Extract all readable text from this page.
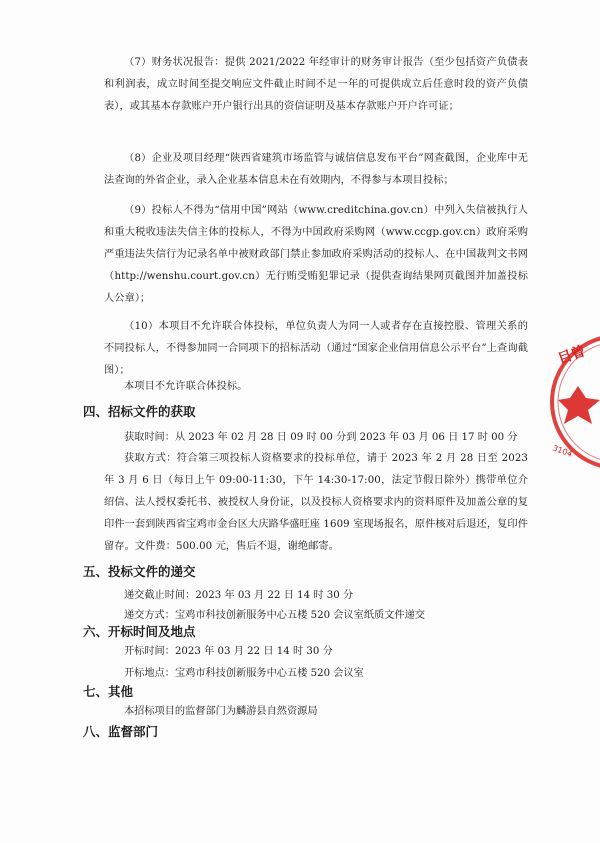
（7）财务状况报告：提供 2021/2022 年经审计的财务审计报告（至少包括资产负债表和利润表，成立时间至提交响应文件截止时间不足一年的可提供成立后任意时段的资产负债表），或其基本存款账户开户银行出具的资信证明及基本存款账户开户许可证；
（8）企业及项目经理“陕西省建筑市场监管与诚信信息发布平台”网查截图，企业库中无法查询的外省企业，录入企业基本信息未在有效期内，不得参与本项目投标；
（9）投标人不得为“信用中国”网站（www.creditchina.gov.cn）中列入失信被执行人和重大税收违法失信主体的投标人，不得为中国政府采购网（www.ccgp.gov.cn）政府采购严重违法失信行为记录名单中被财政部门禁止参加政府采购活动的投标人、在中国裁判文书网（http://wenshu.court.gov.cn）无行贿受贿犯罪记录（提供查询结果网页截图并加盖投标人公章）；
（10）本项目不允许联合体投标，单位负责人为同一人或者存在直接控股、管理关系的不同投标人，不得参加同一合同项下的招标活动（通过“国家企业信用信息公示平台”上查询截图）；
本项目不允许联合体投标。
四、招标文件的获取
获取时间：从 2023 年 02 月 28 日 09 时 00 分到 2023 年 03 月 06 日 17 时 00 分
获取方式：符合第三项投标人资格要求的投标单位，请于 2023 年 2 月 28 日至 2023 年 3 月 6 日（每日上午 09:00-11:30，下午 14:30-17:00，法定节假日除外）携带单位介绍信、法人授权委托书、被授权人身份证，以及投标人资格要求内的资料原件及加盖公章的复印件一套到陕西省宝鸡市金台区大庆路华盛旺座 1609 室现场报名，原件核对后退还，复印件留存。文件费：500.00 元，售后不退，谢绝邮寄。
五、投标文件的递交
递交截止时间：2023 年 03 月 22 日 14 时 30 分
递交方式：宝鸡市科技创新服务中心五楼 520 会议室纸质文件递交
六、开标时间及地点
开标时间：2023 年 03 月 22 日 14 时 30 分
开标地点：宝鸡市科技创新服务中心五楼 520 会议室
七、其他
本招标项目的监督部门为麟游县自然资源局
八、监督部门
目曾
3104
